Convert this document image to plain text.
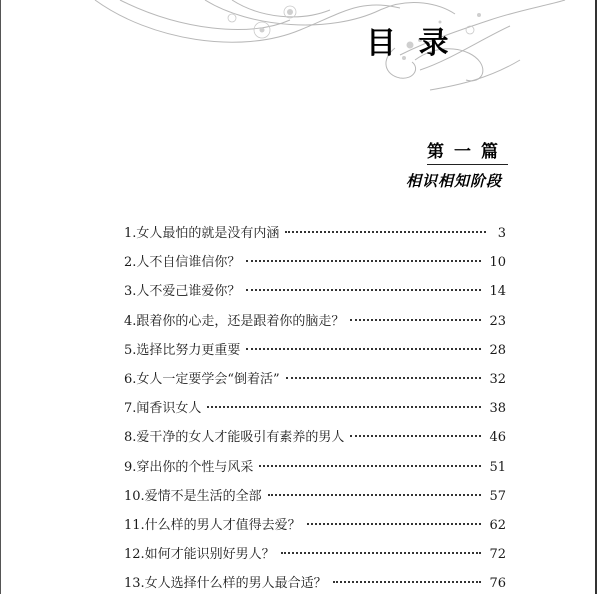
目 录
第一篇
相识相知阶段
1.女人最怕的就是没有内涵	3
2.人不自信谁信你？	10
3.人不爱己谁爱你？	14
4.跟着你的心走，还是跟着你的脑走？	23
5.选择比努力更重要	28
6.女人一定要学会“倒着活”	32
7.闻香识女人	38
8.爱干净的女人才能吸引有素养的男人	46
9.穿出你的个性与风采	51
10.爱情不是生活的全部	57
11.什么样的男人才值得去爱？	62
12.如何才能识别好男人？	72
13.女人选择什么样的男人最合适？	76
